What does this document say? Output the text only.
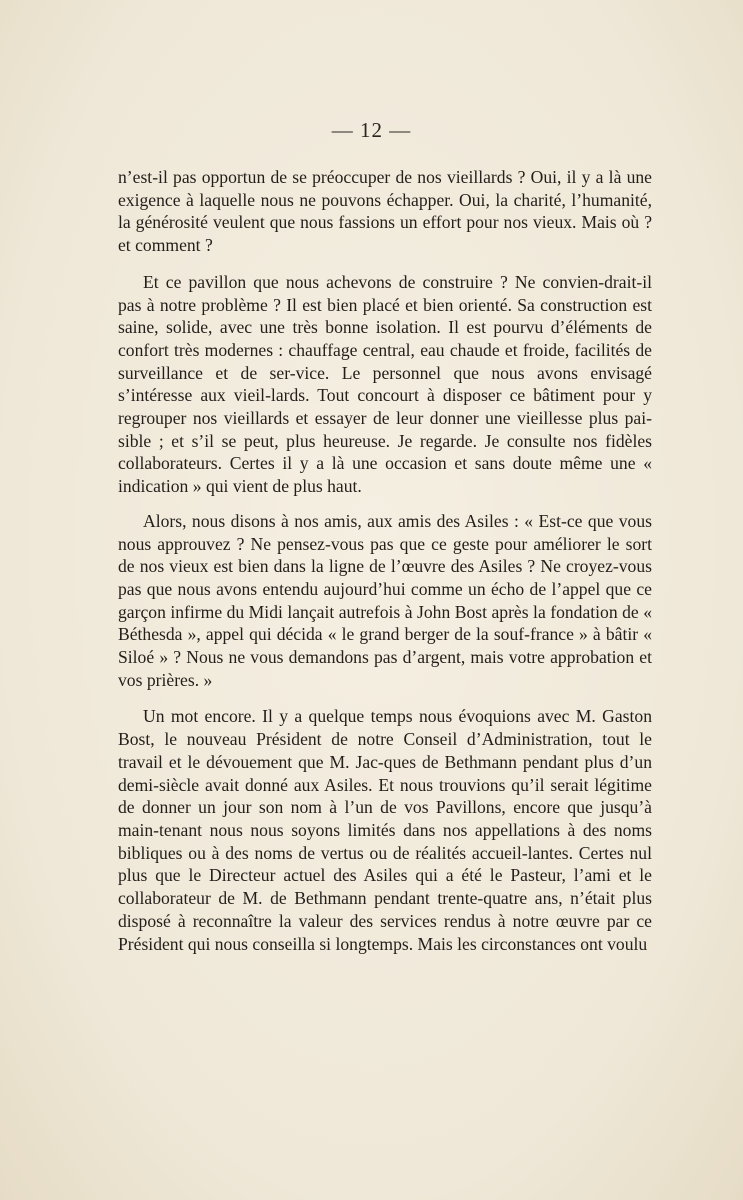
— 12 —

n’est-il pas opportun de se préoccuper de nos vieillards ? Oui, il y a là une exigence à laquelle nous ne pouvons échapper. Oui, la charité, l’humanité, la générosité veulent que nous fassions un effort pour nos vieux. Mais où ? et comment ?

Et ce pavillon que nous achevons de construire ? Ne convien-drait-il pas à notre problème ? Il est bien placé et bien orienté. Sa construction est saine, solide, avec une très bonne isolation. Il est pourvu d’éléments de confort très modernes : chauffage central, eau chaude et froide, facilités de surveillance et de ser-vice. Le personnel que nous avons envisagé s’intéresse aux vieil-lards. Tout concourt à disposer ce bâtiment pour y regrouper nos vieillards et essayer de leur donner une vieillesse plus pai-sible ; et s’il se peut, plus heureuse. Je regarde. Je consulte nos fidèles collaborateurs. Certes il y a là une occasion et sans doute même une « indication » qui vient de plus haut.

Alors, nous disons à nos amis, aux amis des Asiles : « Est-ce que vous nous approuvez ? Ne pensez-vous pas que ce geste pour améliorer le sort de nos vieux est bien dans la ligne de l’œuvre des Asiles ? Ne croyez-vous pas que nous avons entendu aujourd’hui comme un écho de l’appel que ce garçon infirme du Midi lançait autrefois à John Bost après la fondation de « Béthesda », appel qui décida « le grand berger de la souf-france » à bâtir « Siloé » ? Nous ne vous demandons pas d’argent, mais votre approbation et vos prières. »

Un mot encore. Il y a quelque temps nous évoquions avec M. Gaston Bost, le nouveau Président de notre Conseil d’Administration, tout le travail et le dévouement que M. Jac-ques de Bethmann pendant plus d’un demi-siècle avait donné aux Asiles. Et nous trouvions qu’il serait légitime de donner un jour son nom à l’un de vos Pavillons, encore que jusqu’à main-tenant nous nous soyons limités dans nos appellations à des noms bibliques ou à des noms de vertus ou de réalités accueil-lantes. Certes nul plus que le Directeur actuel des Asiles qui a été le Pasteur, l’ami et le collaborateur de M. de Bethmann pendant trente-quatre ans, n’était plus disposé à reconnaître la valeur des services rendus à notre œuvre par ce Président qui nous conseilla si longtemps. Mais les circonstances ont voulu
